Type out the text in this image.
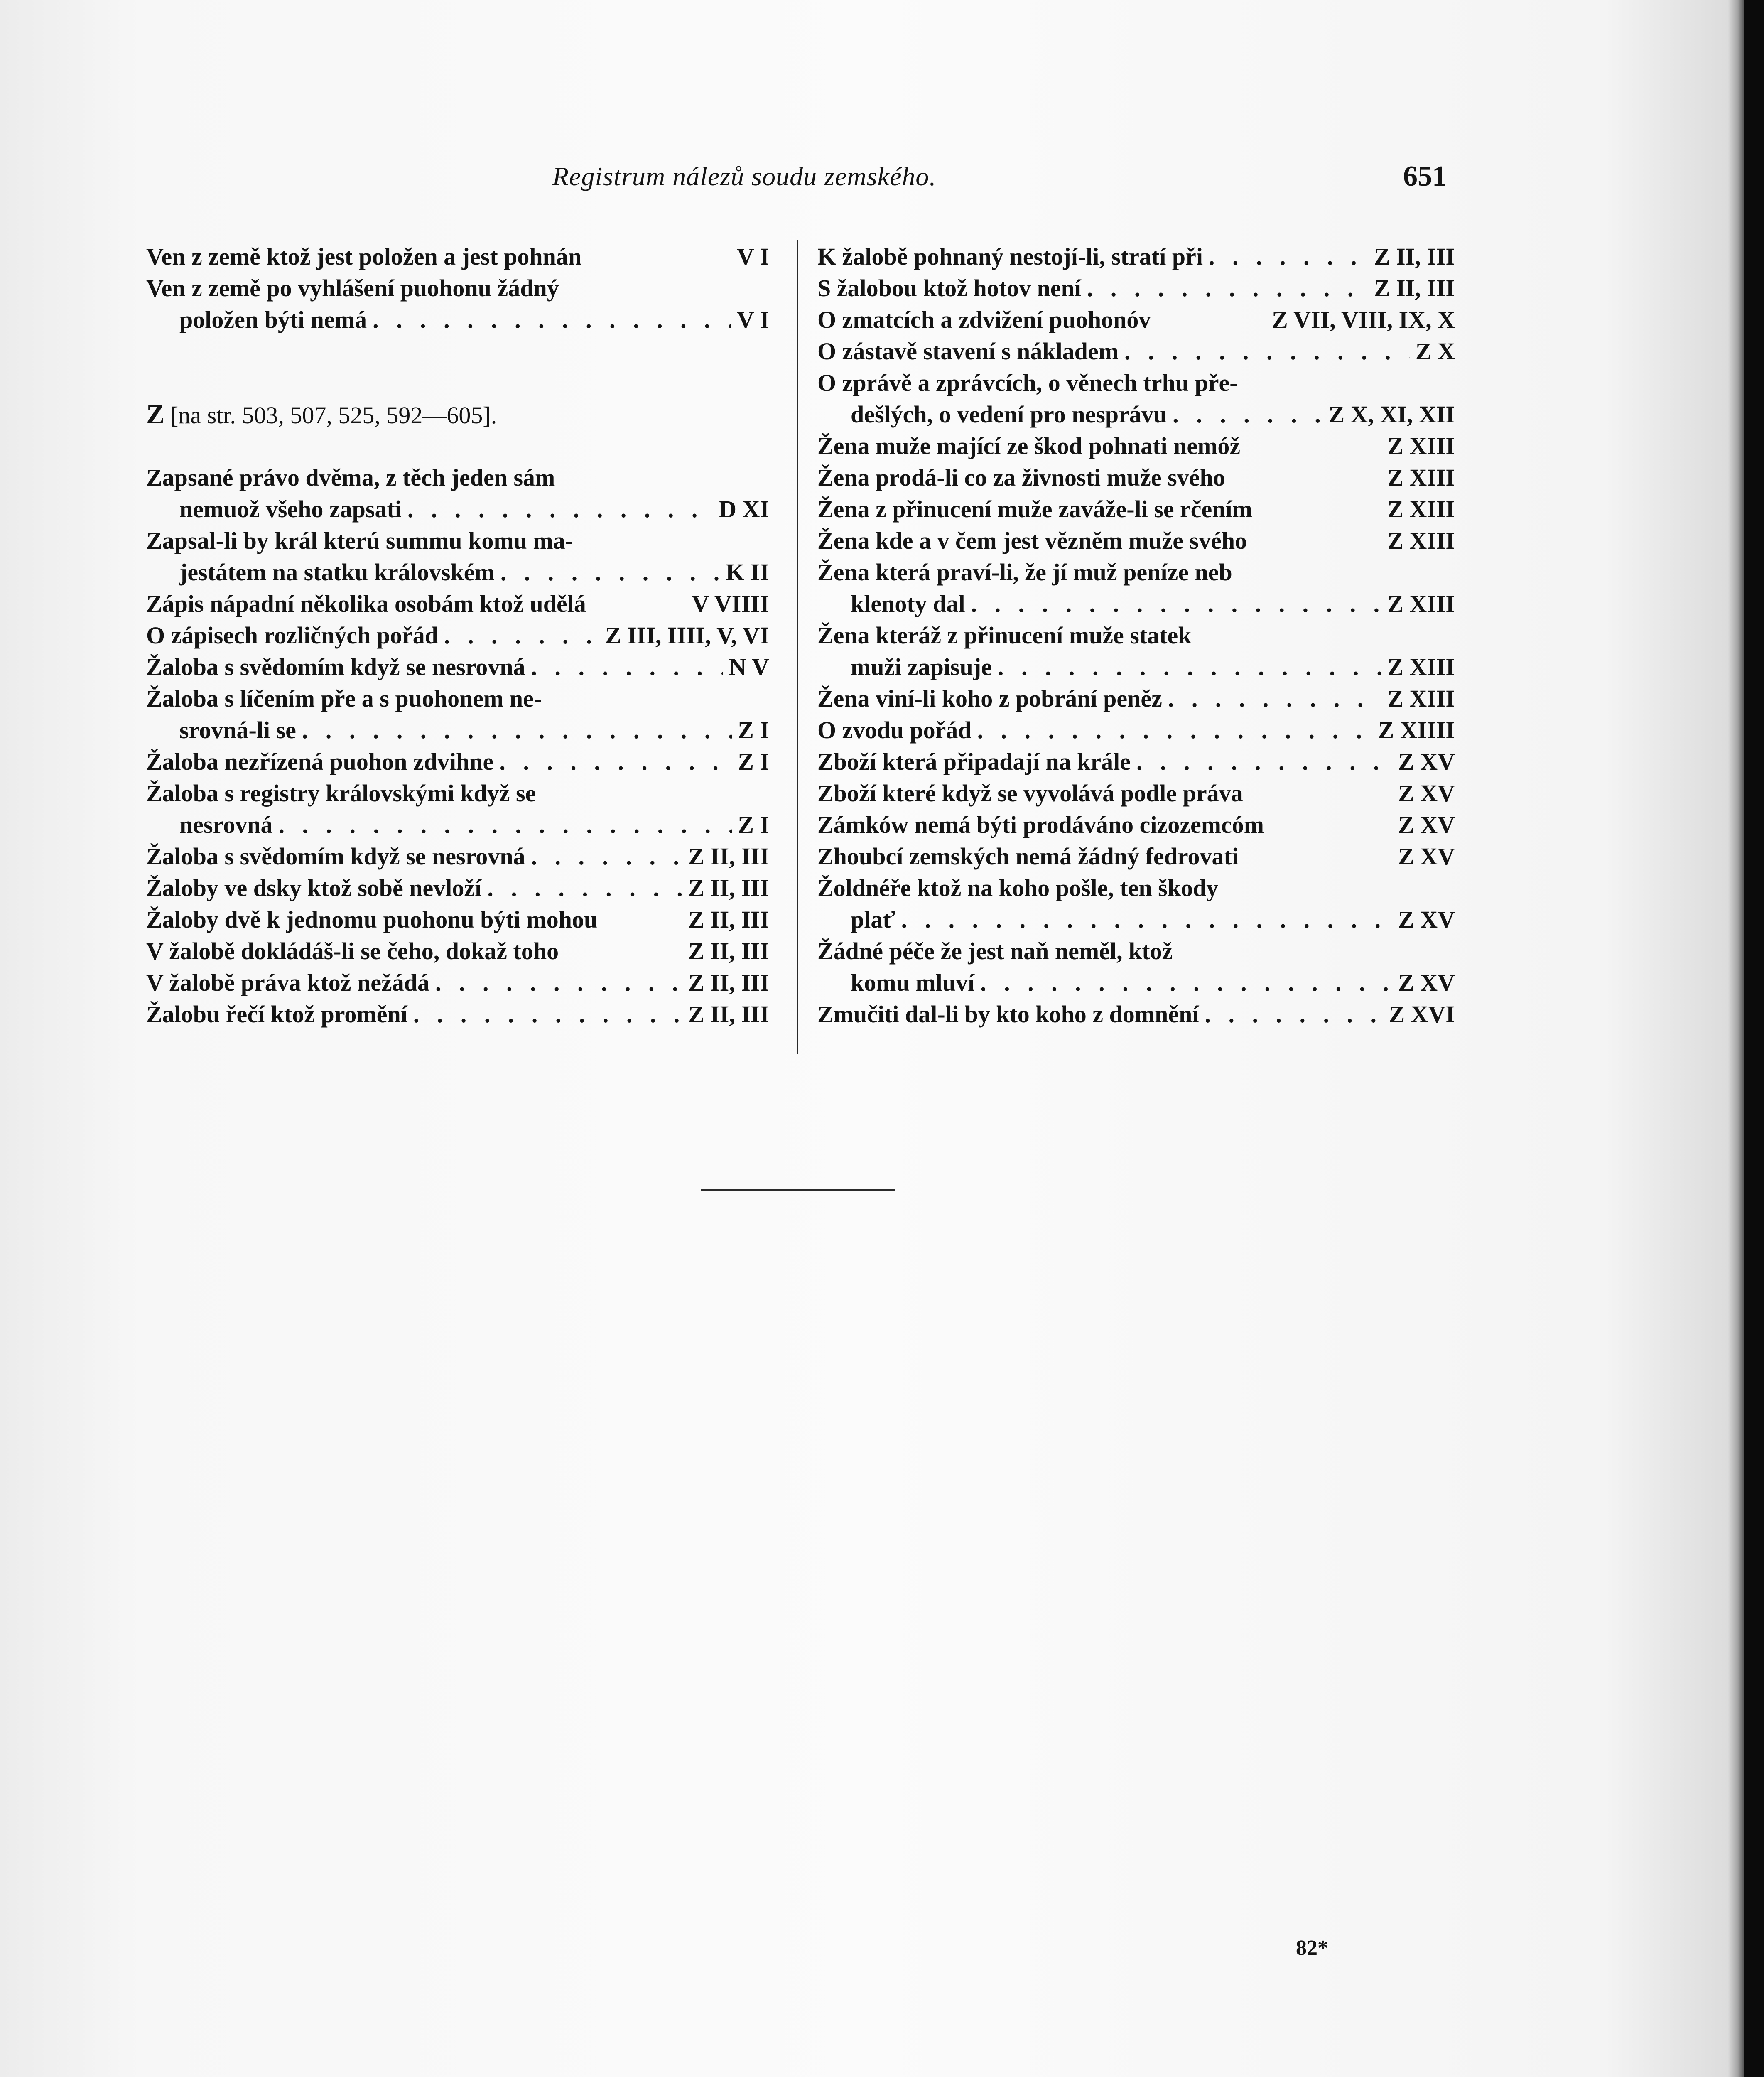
Registrum nálezů soudu zemského.	651
Ven z země ktož jest položen a jest pohnán	V I
Ven z země po vyhlášení puohonu žádný
položen býti nemá . . .	V I
Z [na str. 503, 507, 525, 592—605].
Zapsané právo dvěma, z těch jeden sám
nemuož všeho zapsati . . .	D XI
Zapsal-li by král kterú summu komu ma-
jestátem na statku královském . . .	K II
Zápis nápadní několika osobám ktož udělá	V VIIII
O zápisech rozličných pořád . . .	Z III, IIII, V, VI
Žaloba s svědomím když se nesrovná . . .	N V
Žaloba s líčením pře a s puohonem ne-
srovná-li se . . .	Z I
Žaloba nezřízená puohon zdvihne . . .	Z I
Žaloba s registry královskými když se
nesrovná . . .	Z I
Žaloba s svědomím když se nesrovná . . .	Z II, III
Žaloby ve dsky ktož sobě nevloží . . .	Z II, III
Žaloby dvě k jednomu puohonu býti mohou	Z II, III
V žalobě dokládáš-li se čeho, dokaž toho	Z II, III
V žalobě práva ktož nežádá . . .	Z II, III
Žalobu řečí ktož promění . . .	Z II, III
K žalobě pohnaný nestojí-li, stratí při . . .	Z II, III
S žalobou ktož hotov není . . .	Z II, III
O zmatcích a zdvižení puohonóv	Z VII, VIII, IX, X
O zástavě stavení s nákladem . . .	Z X
O zprávě a zprávcích, o věnech trhu pře-
dešlých, o vedení pro nesprávu . . .	Z X, XI, XII
Žena muže mající ze škod pohnati nemóž	Z XIII
Žena prodá-li co za živnosti muže svého	Z XIII
Žena z přinucení muže zaváže-li se rčením	Z XIII
Žena kde a v čem jest vězněm muže svého	Z XIII
Žena která praví-li, že jí muž peníze neb
klenoty dal . . .	Z XIII
Žena kteráž z přinucení muže statek
muži zapisuje . . .	Z XIII
Žena viní-li koho z pobrání peněz . . .	Z XIII
O zvodu pořád . . .	Z XIIII
Zboží která připadají na krále . . .	Z XV
Zboží které když se vyvolává podle práva	Z XV
Zámków nemá býti prodáváno cizozemcóm	Z XV
Zhoubcí zemských nemá žádný fedrovati	Z XV
Žoldnéře ktož na koho pošle, ten škody
plať . . .	Z XV
Žádné péče že jest naň neměl, ktož
komu mluví . . .	Z XV
Zmučiti dal-li by kto koho z domnění . . .	Z XVI
82*
